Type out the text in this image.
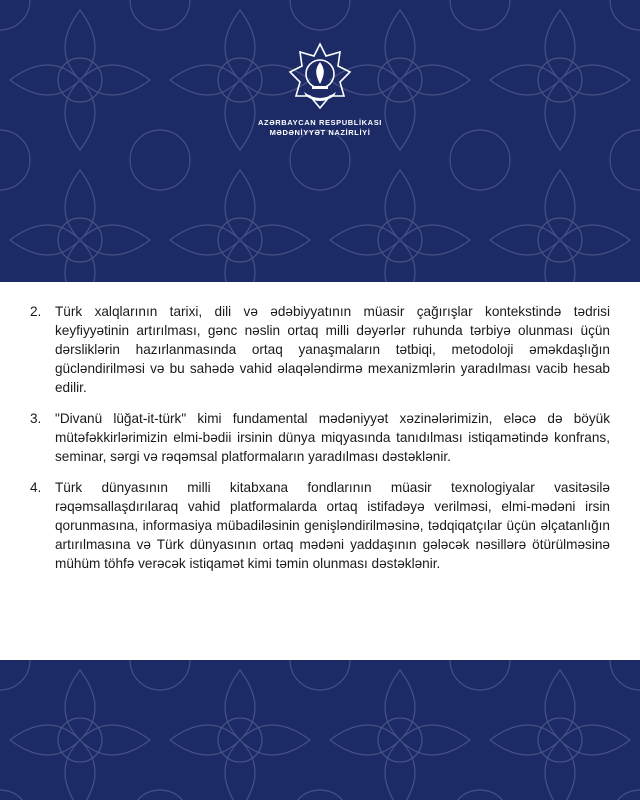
AZƏRBAYCAN RESPUBLİKASI
MƏDƏNİYYƏT NAZİRLİYİ
2. Türk xalqlarının tarixi, dili və ədəbiyyatının müasir çağırışlar kontekstində tədrisi keyfiyyətinin artırılması, gənc nəslin ortaq milli dəyərlər ruhunda tərbiyə olunması üçün dərsliklərin hazırlanmasında ortaq yanaşmaların tətbiqi, metodoloji əməkdaşlığın gücləndirilməsi və bu sahədə vahid əlaqələndirmə mexanizmlərin yaradılması vacib hesab edilir.
3. "Divanü lüğat-it-türk" kimi fundamental mədəniyyət xəzinələrimizin, eləcə də böyük mütəfəkkirlərimizin elmi-bədii irsinin dünya miqyasında tanıdılması istiqamətində konfrans, seminar, sərgi və rəqəmsal platformaların yaradılması dəstəklənir.
4. Türk dünyasının milli kitabxana fondlarının müasir texnologiyalar vasitəsilə rəqəmsallaşdırılaraq vahid platformalarda ortaq istifadəyə verilməsi, elmi-mədəni irsin qorunmasına, informasiya mübadiləsinin genişləndirilməsinə, tədqiqatçılar üçün əlçatanlığın artırılmasına və Türk dünyasının ortaq mədəni yaddaşının gələcək nəsillərə ötürülməsinə mühüm töhfə verəcək istiqamət kimi təmin olunması dəstəklənir.
